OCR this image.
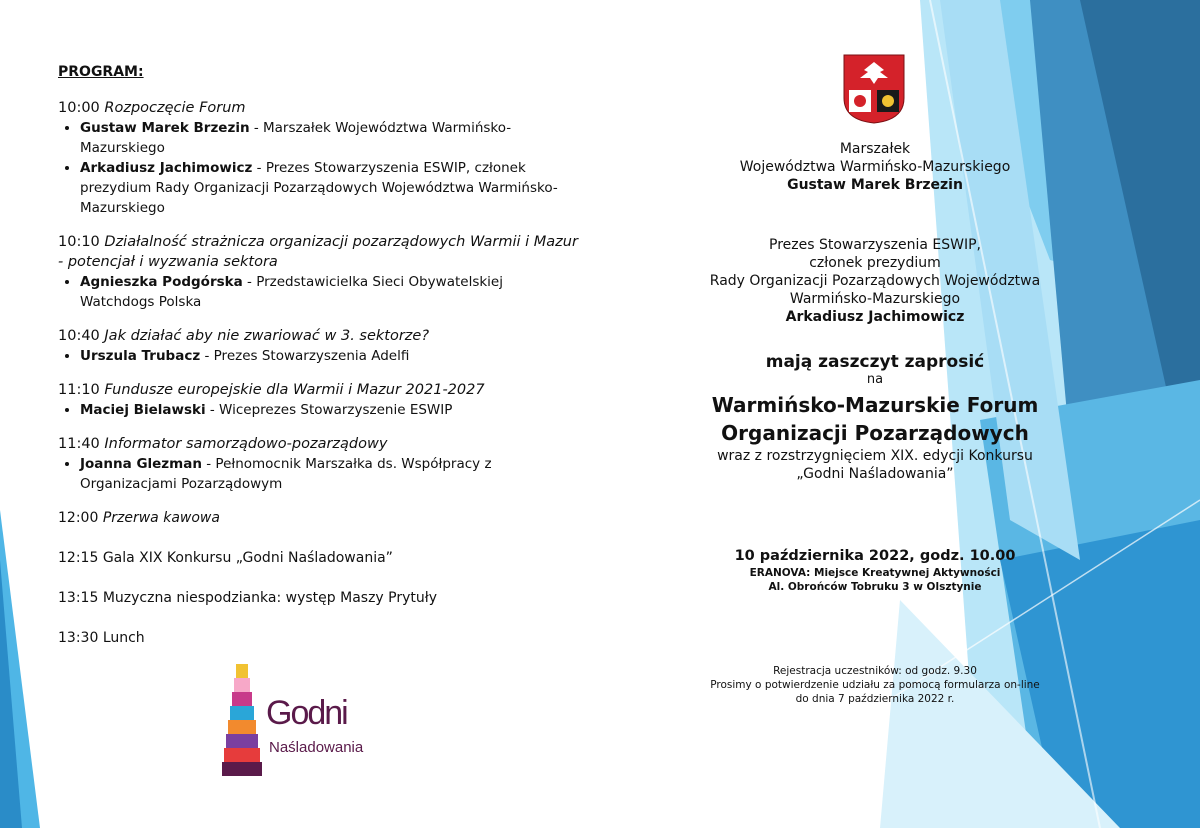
PROGRAM:
10:00 Rozpoczęcie Forum
• Gustaw Marek Brzezin - Marszałek Województwa Warmińsko-Mazurskiego
• Arkadiusz Jachimowicz - Prezes Stowarzyszenia ESWIP, członek prezydium Rady Organizacji Pozarządowych Województwa Warmińsko-Mazurskiego
10:10 Działalność strażnicza organizacji pozarządowych Warmii i Mazur - potencjał i wyzwania sektora
• Agnieszka Podgórska - Przedstawicielka Sieci Obywatelskiej Watchdogs Polska
10:40 Jak działać aby nie zwariować w 3. sektorze?
• Urszula Trubacz - Prezes Stowarzyszenia Adelfi
11:10 Fundusze europejskie dla Warmii i Mazur 2021-2027
• Maciej Bielawski - Wiceprezes Stowarzyszenie ESWIP
11:40 Informator samorządowo-pozarządowy
• Joanna Glezman - Pełnomocnik Marszałka ds. Współpracy z Organizacjami Pozarządowym
12:00 Przerwa kawowa
12:15 Gala XIX Konkursu „Godni Naśladowania”
13:15 Muzyczna niespodzianka: występ Maszy Prytuły
13:30 Lunch
Godni
Naśladowania
Marszałek
Województwa Warmińsko-Mazurskiego
Gustaw Marek Brzezin
Prezes Stowarzyszenia ESWIP,
członek prezydium
Rady Organizacji Pozarządowych Województwa
Warmińsko-Mazurskiego
Arkadiusz Jachimowicz
mają zaszczyt zaprosić
na
Warmińsko-Mazurskie Forum
Organizacji Pozarządowych
wraz z rozstrzygnięciem XIX. edycji Konkursu
„Godni Naśladowania”
10 października 2022, godz. 10.00
ERANOVA: Miejsce Kreatywnej Aktywności
Al. Obrońców Tobruku 3 w Olsztynie
Rejestracja uczestników: od godz. 9.30
Prosimy o potwierdzenie udziału za pomocą formularza on-line
do dnia 7 października 2022 r.
